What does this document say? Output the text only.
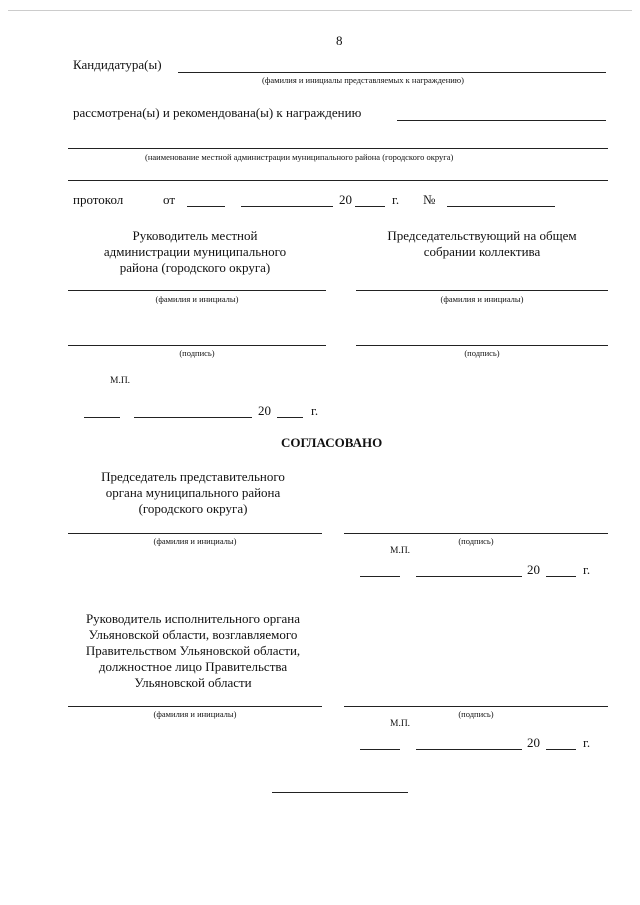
8
Кандидатура(ы)
(фамилия и инициалы представляемых к награждению)
рассмотрена(ы) и рекомендована(ы) к награждению
(наименование местной администрации муниципального района (городского округа)
протокол	от	20	г. №
Руководитель местной
администрации муниципального
района (городского округа)
(фамилия и инициалы)
(подпись)
М.П.
20	г.
Председательствующий на общем
собрании коллектива
(фамилия и инициалы)
(подпись)
СОГЛАСОВАНО
Председатель представительного
органа муниципального района
(городского округа)
(фамилия и инициалы)	(подпись)
М.П.
20	г.
Руководитель исполнительного органа
Ульяновской области, возглавляемого
Правительством Ульяновской области,
должностное лицо Правительства
Ульяновской области
(фамилия и инициалы)	(подпись)
М.П.
20	г.
